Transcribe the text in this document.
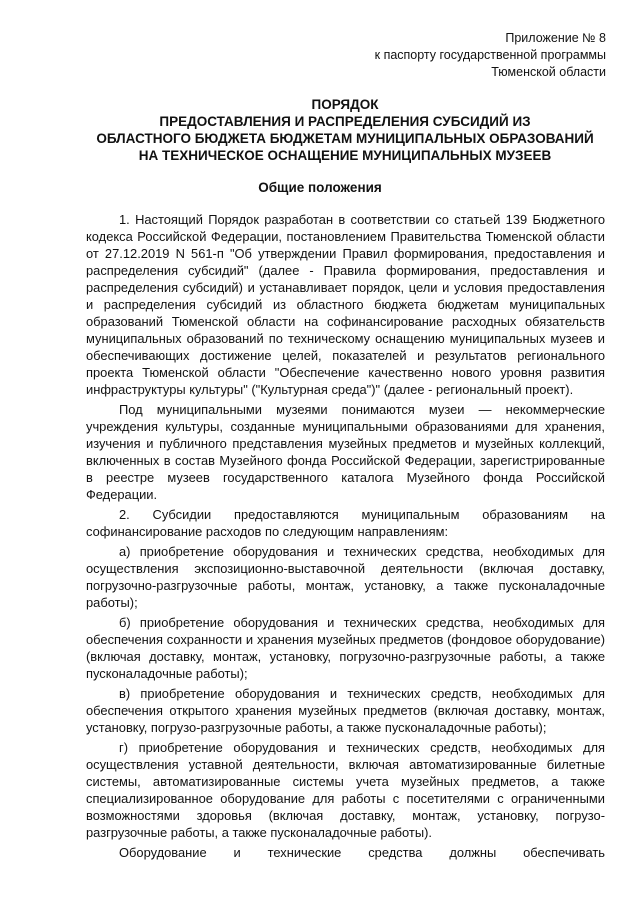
Приложение № 8
к паспорту государственной программы
Тюменской области
ПОРЯДОК
ПРЕДОСТАВЛЕНИЯ И РАСПРЕДЕЛЕНИЯ СУБСИДИЙ ИЗ
ОБЛАСТНОГО БЮДЖЕТА БЮДЖЕТАМ МУНИЦИПАЛЬНЫХ ОБРАЗОВАНИЙ
НА ТЕХНИЧЕСКОЕ ОСНАЩЕНИЕ МУНИЦИПАЛЬНЫХ МУЗЕЕВ
Общие положения

1. Настоящий Порядок разработан в соответствии со статьей 139 Бюджетного кодекса Российской Федерации, постановлением Правительства Тюменской области от 27.12.2019 N 561-п "Об утверждении Правил формирования, предоставления и распределения субсидий" (далее - Правила формирования, предоставления и распределения субсидий) и устанавливает порядок, цели и условия предоставления и распределения субсидий из областного бюджета бюджетам муниципальных образований Тюменской области на софинансирование расходных обязательств муниципальных образований по техническому оснащению муниципальных музеев и обеспечивающих достижение целей, показателей и результатов регионального проекта Тюменской области "Обеспечение качественно нового уровня развития инфраструктуры культуры" ("Культурная среда")" (далее - региональный проект).

Под муниципальными музеями понимаются музеи — некоммерческие учреждения культуры, созданные муниципальными образованиями для хранения, изучения и публичного представления музейных предметов и музейных коллекций, включенных в состав Музейного фонда Российской Федерации, зарегистрированные в реестре музеев государственного каталога Музейного фонда Российской Федерации.

2. Субсидии предоставляются муниципальным образованиям на софинансирование расходов по следующим направлениям:

а) приобретение оборудования и технических средства, необходимых для осуществления экспозиционно-выставочной деятельности (включая доставку, погрузочно-разгрузочные работы, монтаж, установку, а также пусконаладочные работы);

б) приобретение оборудования и технических средства, необходимых для обеспечения сохранности и хранения музейных предметов (фондовое оборудование) (включая доставку, монтаж, установку, погрузочно-разгрузочные работы, а также пусконаладочные работы);

в) приобретение оборудования и технических средств, необходимых для обеспечения открытого хранения музейных предметов (включая доставку, монтаж, установку, погрузо-разгрузочные работы, а также пусконаладочные работы);

г) приобретение оборудования и технических средств, необходимых для осуществления уставной деятельности, включая автоматизированные билетные системы, автоматизированные системы учета музейных предметов, а также специализированное оборудование для работы с посетителями с ограниченными возможностями здоровья (включая доставку, монтаж, установку, погрузо-разгрузочные работы, а также пусконаладочные работы).

Оборудование и технические средства должны обеспечивать
